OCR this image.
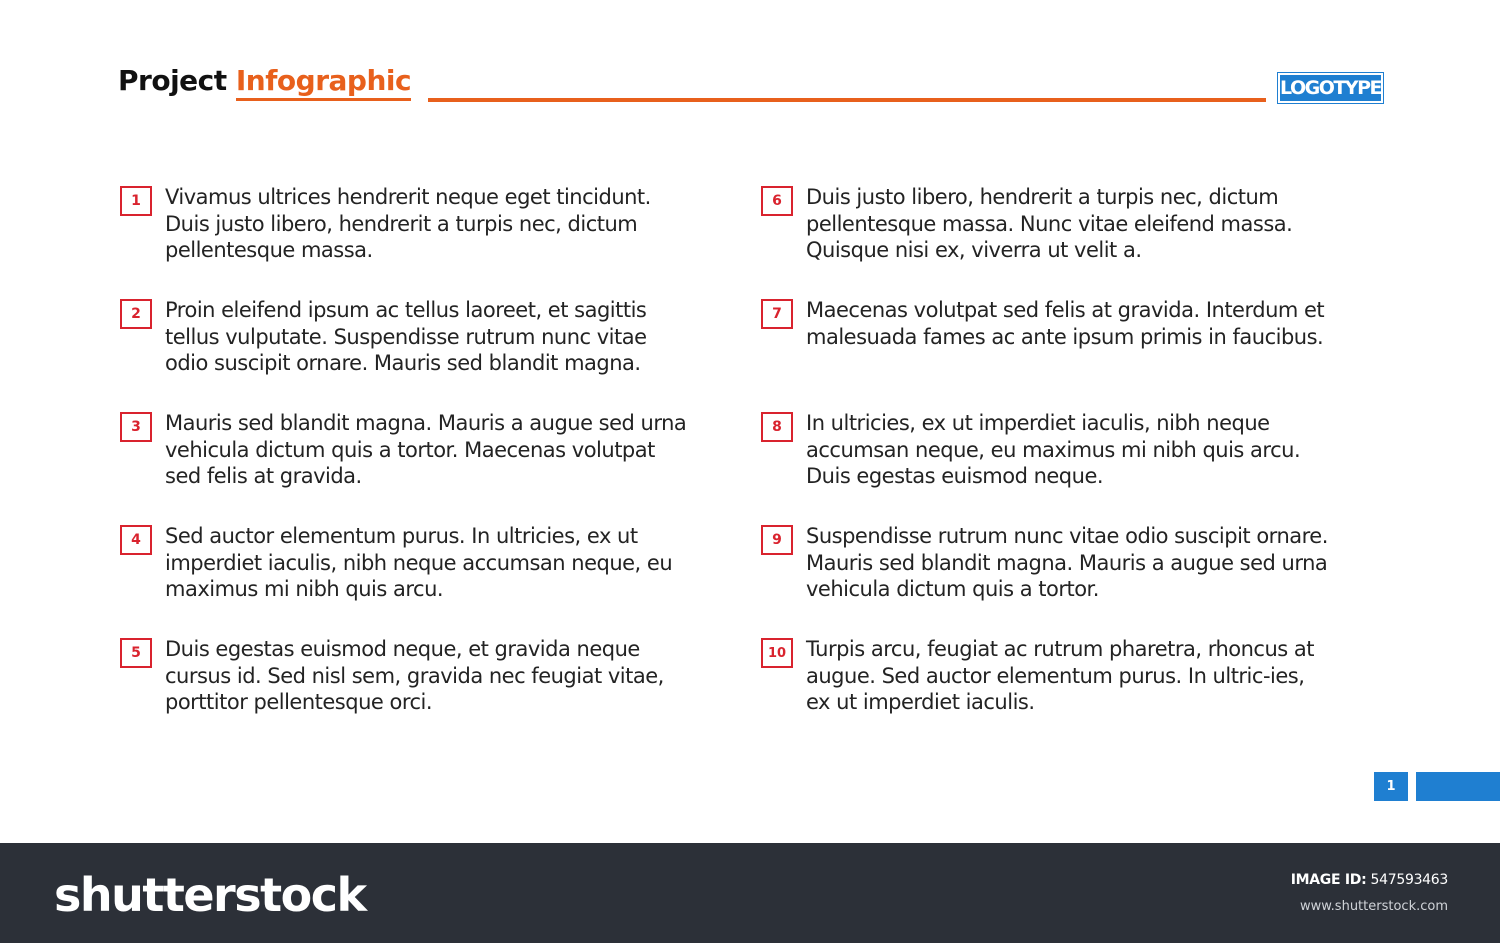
Project Infographic	LOGOTYPE
1	Vivamus ultrices hendrerit neque eget tincidunt. Duis justo libero, hendrerit a turpis nec, dictum pellentesque massa.
2	Proin eleifend ipsum ac tellus laoreet, et sagittis tellus vulputate. Suspendisse rutrum nunc vitae odio suscipit ornare. Mauris sed blandit magna.
3	Mauris sed blandit magna. Mauris a augue sed urna vehicula dictum quis a tortor. Maecenas volutpat sed felis at gravida.
4	Sed auctor elementum purus. In ultricies, ex ut imperdiet iaculis, nibh neque accumsan neque, eu maximus mi nibh quis arcu.
5	Duis egestas euismod neque, et gravida neque cursus id. Sed nisl sem, gravida nec feugiat vitae, porttitor pellentesque orci.
6	Duis justo libero, hendrerit a turpis nec, dictum pellentesque massa. Nunc vitae eleifend massa. Quisque nisi ex, viverra ut velit a.
7	Maecenas volutpat sed felis at gravida. Interdum et malesuada fames ac ante ipsum primis in faucibus.
8	In ultricies, ex ut imperdiet iaculis, nibh neque accumsan neque, eu maximus mi nibh quis arcu. Duis egestas euismod neque.
9	Suspendisse rutrum nunc vitae odio suscipit ornare. Mauris sed blandit magna. Mauris a augue sed urna vehicula dictum quis a tortor.
10 Turpis arcu, feugiat ac rutrum pharetra, rhoncus at augue. Sed auctor elementum purus. In ultric-ies, ex ut imperdiet iaculis.
1
shutterstock	IMAGE ID: 547593463
www.shutterstock.com
